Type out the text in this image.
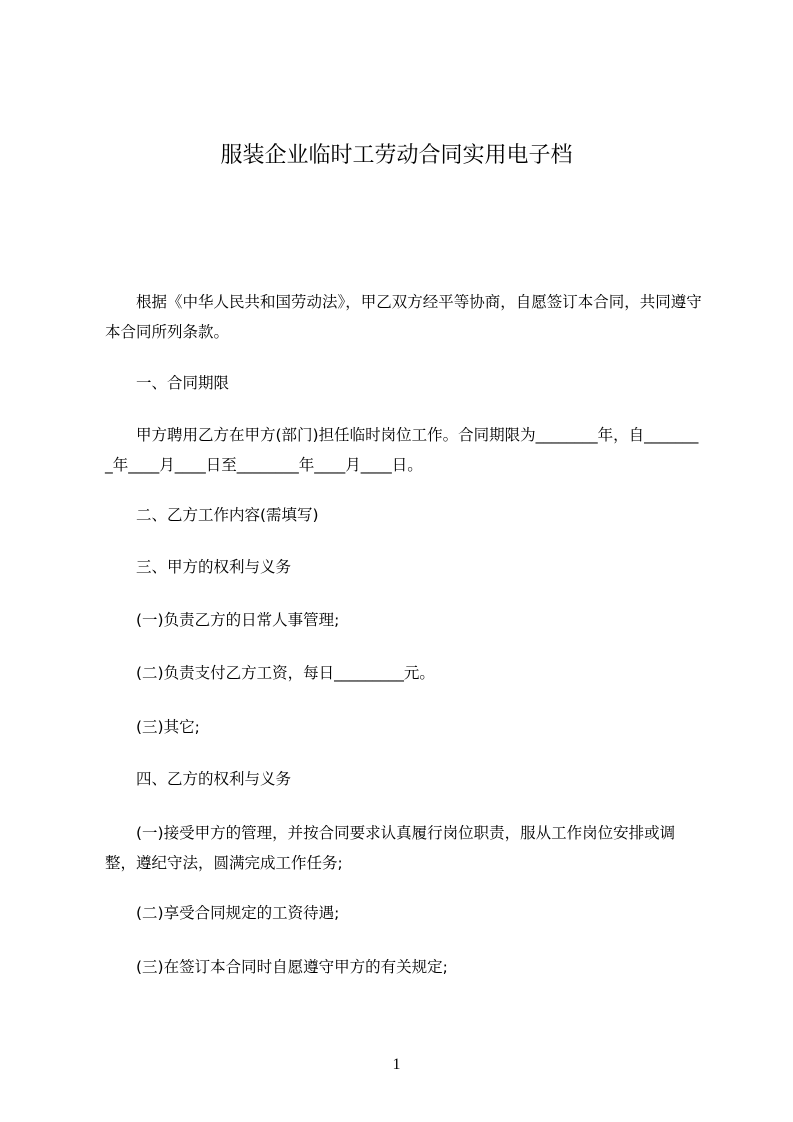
服装企业临时工劳动合同实用电子档

　　根据《中华人民共和国劳动法》，甲乙双方经平等协商，自愿签订本合同，共同遵守本合同所列条款。

　　一、合同期限

　　甲方聘用乙方在甲方(部门)担任临时岗位工作。合同期限为________年，自________年____月____日至________年____月____日。

　　二、乙方工作内容(需填写)

　　三、甲方的权利与义务

　　(一)负责乙方的日常人事管理;

　　(二)负责支付乙方工资，每日_________元。

　　(三)其它;

　　四、乙方的权利与义务

　　(一)接受甲方的管理，并按合同要求认真履行岗位职责，服从工作岗位安排或调整，遵纪守法，圆满完成工作任务;

　　(二)享受合同规定的工资待遇;

　　(三)在签订本合同时自愿遵守甲方的有关规定;

1
